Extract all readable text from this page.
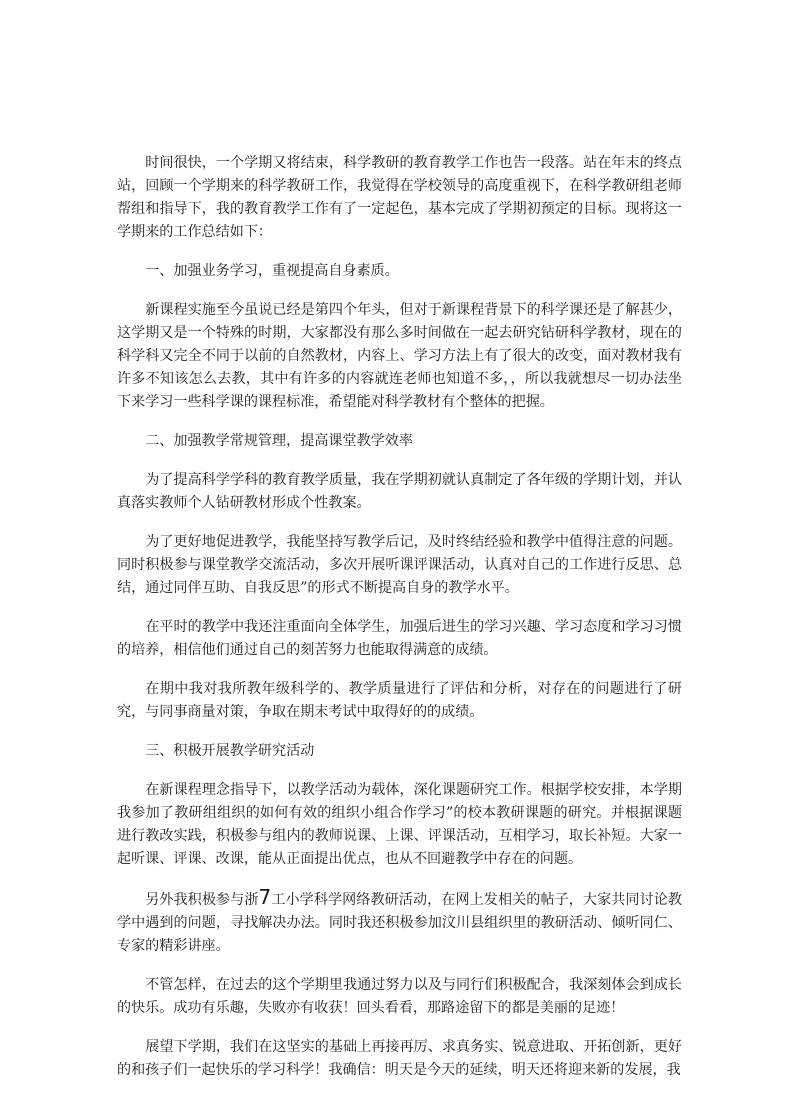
时间很快，一个学期又将结束，科学教研的教育教学工作也告一段落。站在年末的终点站，回顾一个学期来的科学教研工作，我觉得在学校领导的高度重视下，在科学教研组老师帮组和指导下，我的教育教学工作有了一定起色，基本完成了学期初预定的目标。现将这一学期来的工作总结如下：

一、加强业务学习，重视提高自身素质。

新课程实施至今虽说已经是第四个年头，但对于新课程背景下的科学课还是了解甚少，这学期又是一个特殊的时期，大家都没有那么多时间做在一起去研究钻研科学教材，现在的科学科又完全不同于以前的自然教材，内容上、学习方法上有了很大的改变，面对教材我有许多不知该怎么去教，其中有许多的内容就连老师也知道不多，，所以我就想尽一切办法坐下来学习一些科学课的课程标准，希望能对科学教材有个整体的把握。

二、加强教学常规管理，提高课堂教学效率

为了提高科学学科的教育教学质量，我在学期初就认真制定了各年级的学期计划，并认真落实教师个人钻研教材形成个性教案。

为了更好地促进教学，我能坚持写教学后记，及时终结经验和教学中值得注意的问题。同时积极参与课堂教学交流活动，多次开展听课评课活动，认真对自己的工作进行反思、总结，通过同伴互助、自我反思”的形式不断提高自身的教学水平。

在平时的教学中我还注重面向全体学生，加强后进生的学习兴趣、学习态度和学习习惯的培养，相信他们通过自己的刻苦努力也能取得满意的成绩。

在期中我对我所教年级科学的、教学质量进行了评估和分析，对存在的问题进行了研究，与同事商量对策，争取在期末考试中取得好的的成绩。

三、积极开展教学研究活动

在新课程理念指导下，以教学活动为载体，深化课题研究工作。根据学校安排，本学期我参加了教研组组织的如何有效的组织小组合作学习”的校本教研课题的研究。并根据课题进行教改实践，积极参与组内的教师说课、上课、评课活动，互相学习，取长补短。大家一起听课、评课、改课，能从正面提出优点，也从不回避教学中存在的问题。

另外我积极参与浙7工小学科学网络教研活动，在网上发相关的帖子，大家共同讨论教学中遇到的问题，寻找解决办法。同时我还积极参加汶川县组织里的教研活动、倾听同仁、专家的精彩讲座。

不管怎样，在过去的这个学期里我通过努力以及与同行们积极配合，我深刻体会到成长的快乐。成功有乐趣，失败亦有收获！回头看看，那路途留下的都是美丽的足迹！

展望下学期，我们在这坚实的基础上再接再厉、求真务实、锐意进取、开拓创新，更好的和孩子们一起快乐的学习科学！我确信：明天是今天的延续，明天还将迎来新的发展，我
